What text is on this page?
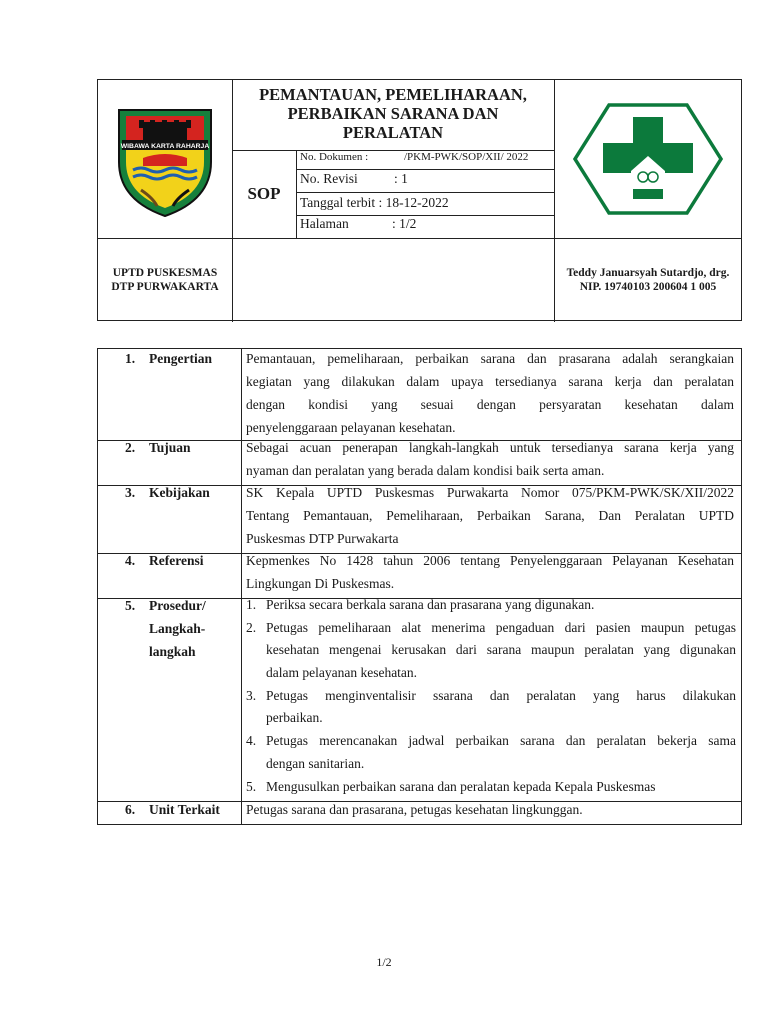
WIBAWA KARTA RAHARJA
PEMANTAUAN, PEMELIHARAAN,
PERBAIKAN SARANA DAN
PERALATAN
SOP
No. Dokumen :	/PKM-PWK/SOP/XII/ 2022
No. Revisi	: 1
Tanggal terbit : 18-12-2022
Halaman	: 1/2
UPTD PUSKESMAS
DTP PURWAKARTA
Teddy Januarsyah Sutardjo, drg.
NIP. 19740103 200604 1 005
1. Pengertian	Pemantauan, pemeliharaan, perbaikan sarana dan prasarana adalah serangkaian
kegiatan yang dilakukan dalam upaya tersedianya sarana kerja dan peralatan
dengan kondisi yang sesuai dengan persyaratan kesehatan dalam
penyelenggaraan pelayanan kesehatan.
2. Tujuan	Sebagai acuan penerapan langkah-langkah untuk tersedianya sarana kerja yang
nyaman dan peralatan yang berada dalam kondisi baik serta aman.
3. Kebijakan	SK Kepala UPTD Puskesmas Purwakarta Nomor 075/PKM-PWK/SK/XII/2022
Tentang Pemantauan, Pemeliharaan, Perbaikan Sarana, Dan Peralatan UPTD
Puskesmas DTP Purwakarta
4. Referensi	Kepmenkes No 1428 tahun 2006 tentang Penyelenggaraan Pelayanan Kesehatan
Lingkungan Di Puskesmas.
5. Prosedur/
Langkah-
langkah
1. Periksa secara berkala sarana dan prasarana yang digunakan.
2. Petugas pemeliharaan alat menerima pengaduan dari pasien maupun petugas
kesehatan mengenai kerusakan dari sarana maupun peralatan yang digunakan
dalam pelayanan kesehatan.
3. Petugas menginventalisir ssarana dan peralatan yang harus dilakukan
perbaikan.
4. Petugas merencanakan jadwal perbaikan sarana dan peralatan bekerja sama
dengan sanitarian.
5. Mengusulkan perbaikan sarana dan peralatan kepada Kepala Puskesmas
6. Unit Terkait Petugas sarana dan prasarana, petugas kesehatan lingkunggan.
1/2
